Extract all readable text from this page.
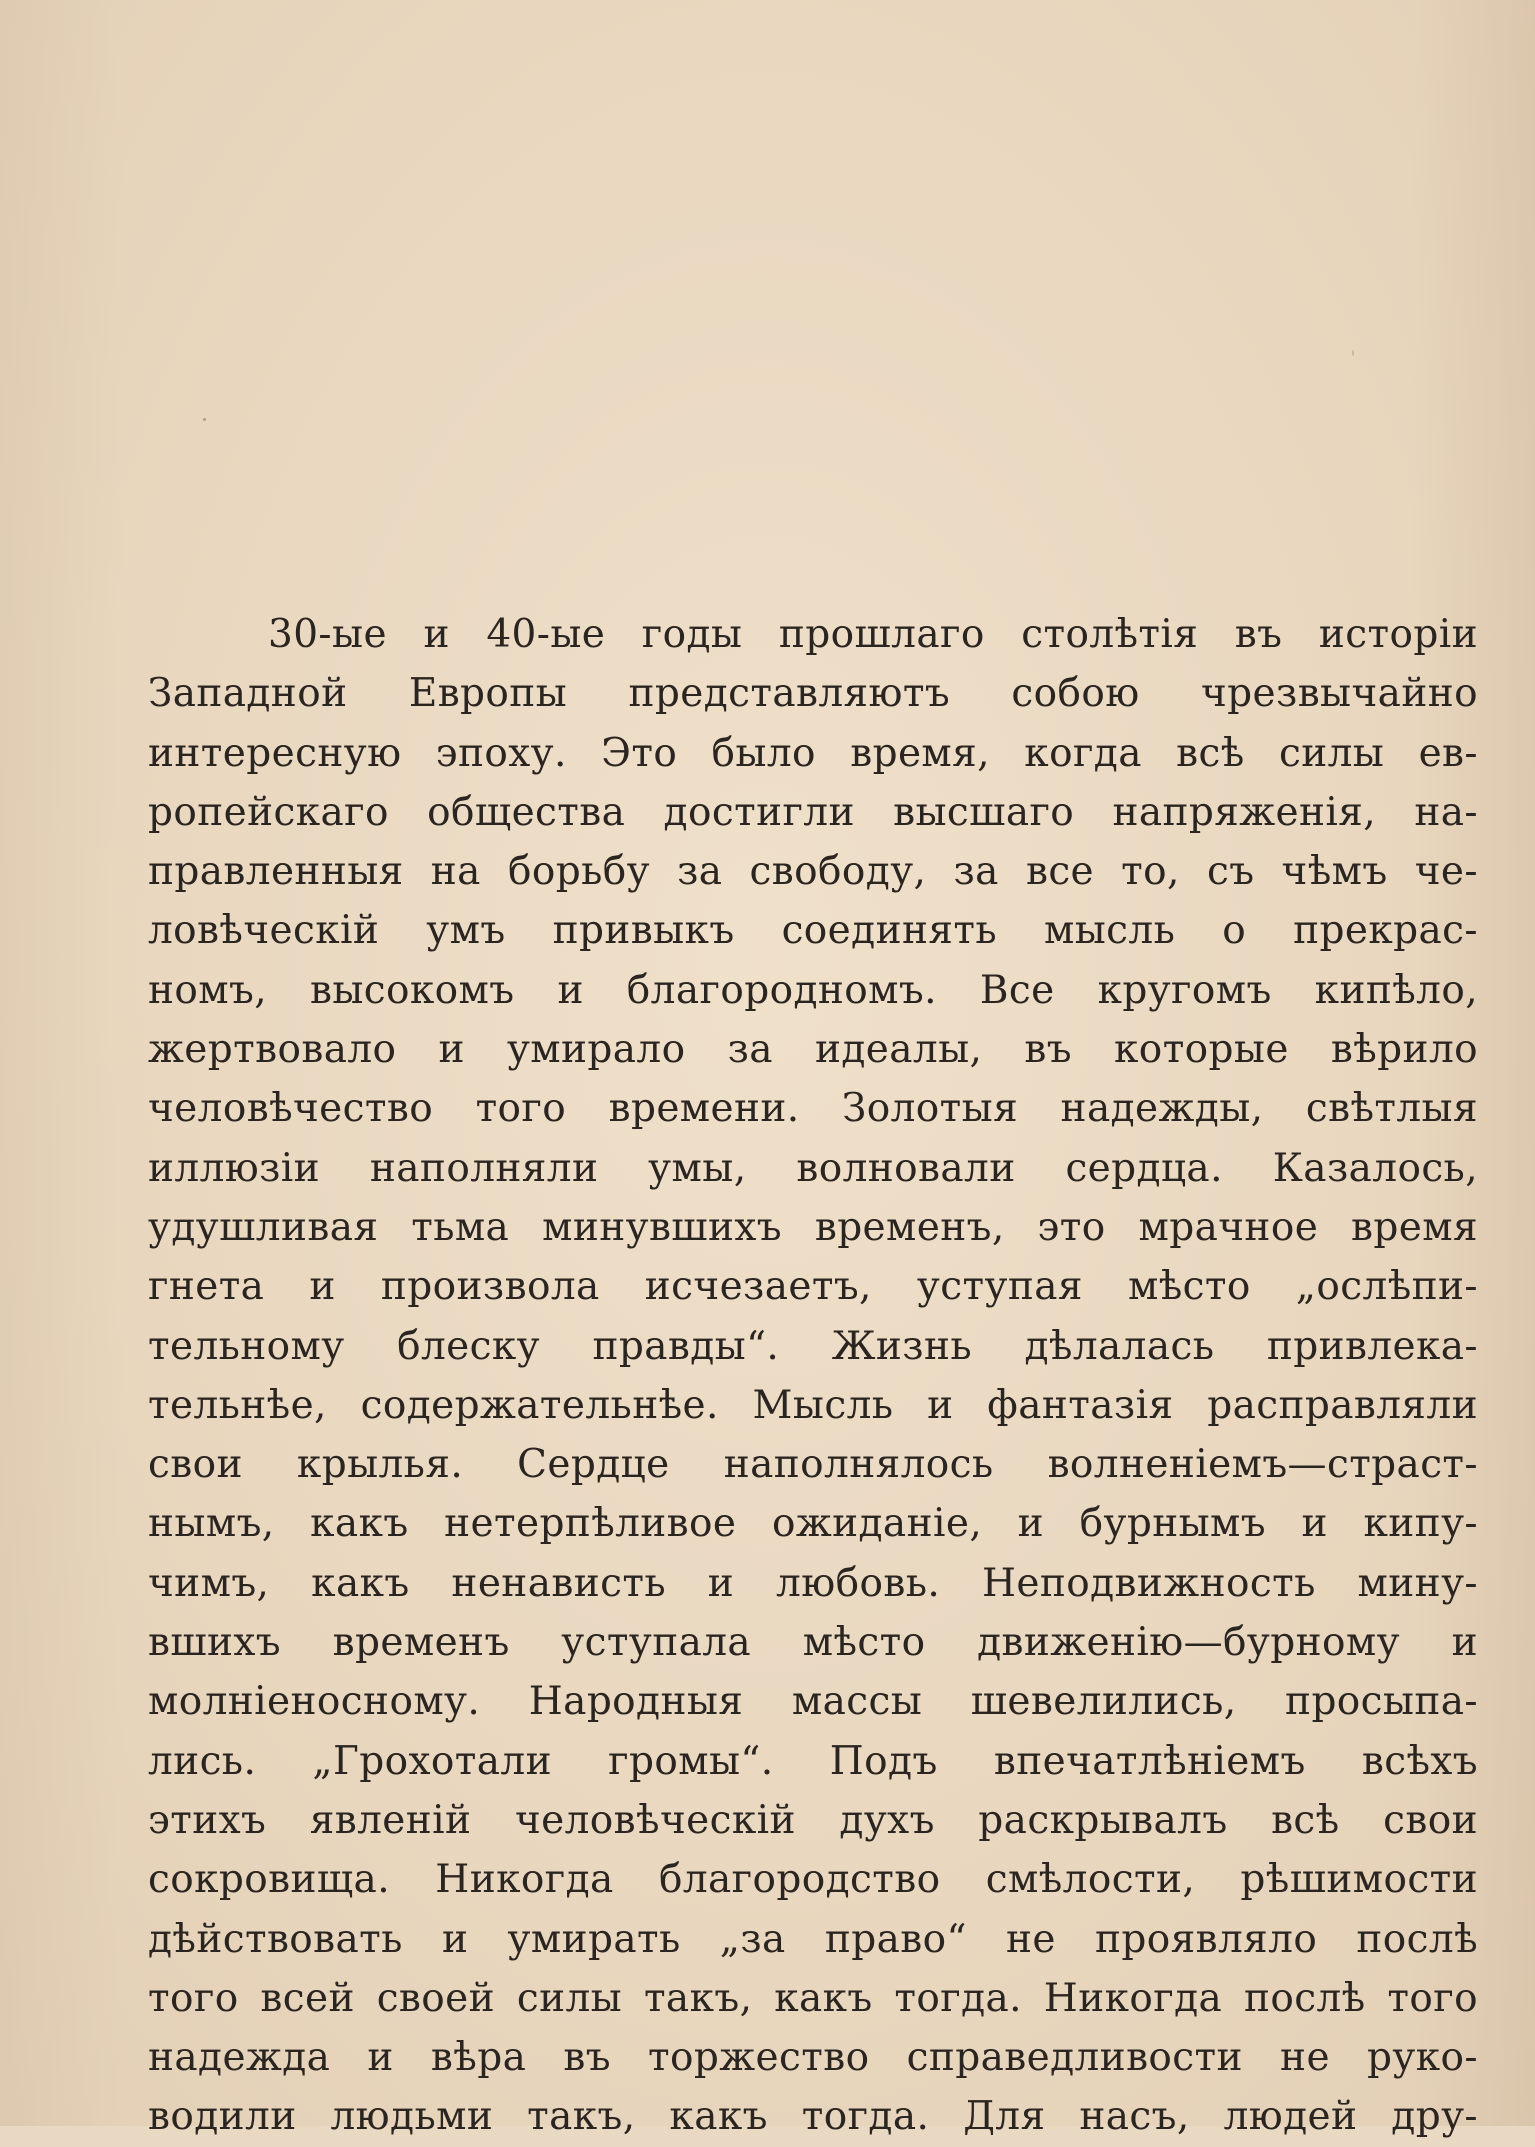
30-ые и 40-ые годы прошлаго столѣтія въ исторіи
Западной Европы представляютъ собою чрезвычайно
интересную эпоху. Это было время, когда всѣ силы ев-
ропейскаго общества достигли высшаго напряженія, на-
правленныя на борьбу за свободу, за все то, съ чѣмъ че-
ловѣческій умъ привыкъ соединять мысль о прекрас-
номъ, высокомъ и благородномъ. Все кругомъ кипѣло,
жертвовало и умирало за идеалы, въ которые вѣрило
человѣчество того времени. Золотыя надежды, свѣтлыя
иллюзіи наполняли умы, волновали сердца. Казалось,
удушливая тьма минувшихъ временъ, это мрачное время
гнета и произвола исчезаетъ, уступая мѣсто „ослѣпи-
тельному блеску правды“. Жизнь дѣлалась привлека-
тельнѣе, содержательнѣе. Мысль и фантазія расправляли
свои крылья. Сердце наполнялось волненіемъ—страст-
нымъ, какъ нетерпѣливое ожиданіе, и бурнымъ и кипу-
чимъ, какъ ненависть и любовь. Неподвижность мину-
вшихъ временъ уступала мѣсто движенію—бурному и
молніеносному. Народныя массы шевелились, просыпа-
лись. „Грохотали громы“. Подъ впечатлѣніемъ всѣхъ
этихъ явленій человѣческій духъ раскрывалъ всѣ свои
сокровища. Никогда благородство смѣлости, рѣшимости
дѣйствовать и умирать „за право“ не проявляло послѣ
того всей своей силы такъ, какъ тогда. Никогда послѣ того
надежда и вѣра въ торжество справедливости не руко-
водили людьми такъ, какъ тогда. Для насъ, людей дру-
